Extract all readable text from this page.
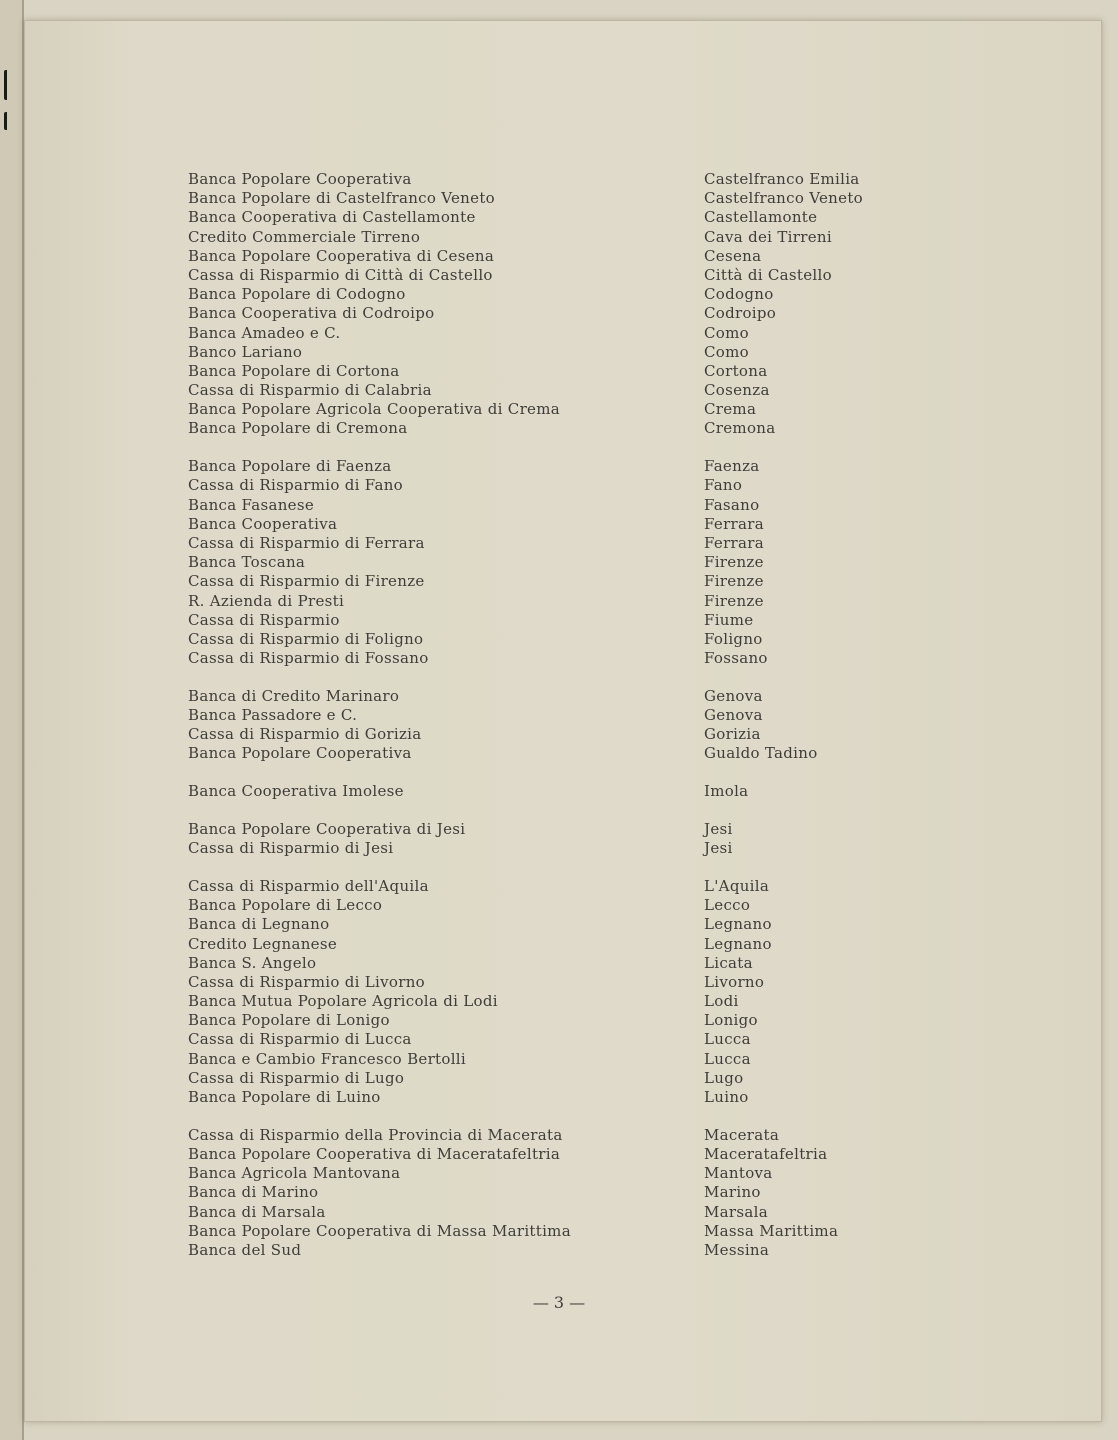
Banca Popolare Cooperativa	Castelfranco Emilia
Banca Popolare di Castelfranco Veneto	Castelfranco Veneto
Banca Cooperativa di Castellamonte	Castellamonte
Credito Commerciale Tirreno	Cava dei Tirreni
Banca Popolare Cooperativa di Cesena	Cesena
Cassa di Risparmio di Città di Castello	Città di Castello
Banca Popolare di Codogno	Codogno
Banca Cooperativa di Codroipo	Codroipo
Banca Amadeo e C.	Como
Banco Lariano	Como
Banca Popolare di Cortona	Cortona
Cassa di Risparmio di Calabria	Cosenza
Banca Popolare Agricola Cooperativa di Crema	Crema
Banca Popolare di Cremona	Cremona
Banca Popolare di Faenza	Faenza
Cassa di Risparmio di Fano	Fano
Banca Fasanese	Fasano
Banca Cooperativa	Ferrara
Cassa di Risparmio di Ferrara	Ferrara
Banca Toscana	Firenze
Cassa di Risparmio di Firenze	Firenze
R. Azienda di Presti	Firenze
Cassa di Risparmio	Fiume
Cassa di Risparmio di Foligno	Foligno
Cassa di Risparmio di Fossano	Fossano
Banca di Credito Marinaro	Genova
Banca Passadore e C.	Genova
Cassa di Risparmio di Gorizia	Gorizia
Banca Popolare Cooperativa	Gualdo Tadino
Banca Cooperativa Imolese	Imola
Banca Popolare Cooperativa di Jesi	Jesi
Cassa di Risparmio di Jesi	Jesi
Cassa di Risparmio dell'Aquila	L'Aquila
Banca Popolare di Lecco	Lecco
Banca di Legnano	Legnano
Credito Legnanese	Legnano
Banca S. Angelo	Licata
Cassa di Risparmio di Livorno	Livorno
Banca Mutua Popolare Agricola di Lodi	Lodi
Banca Popolare di Lonigo	Lonigo
Cassa di Risparmio di Lucca	Lucca
Banca e Cambio Francesco Bertolli	Lucca
Cassa di Risparmio di Lugo	Lugo
Banca Popolare di Luino	Luino
Cassa di Risparmio della Provincia di Macerata	Macerata
Banca Popolare Cooperativa di Maceratafeltria	Maceratafeltria
Banca Agricola Mantovana	Mantova
Banca di Marino	Marino
Banca di Marsala	Marsala
Banca Popolare Cooperativa di Massa Marittima	Massa Marittima
Banca del Sud	Messina
— 3 —
